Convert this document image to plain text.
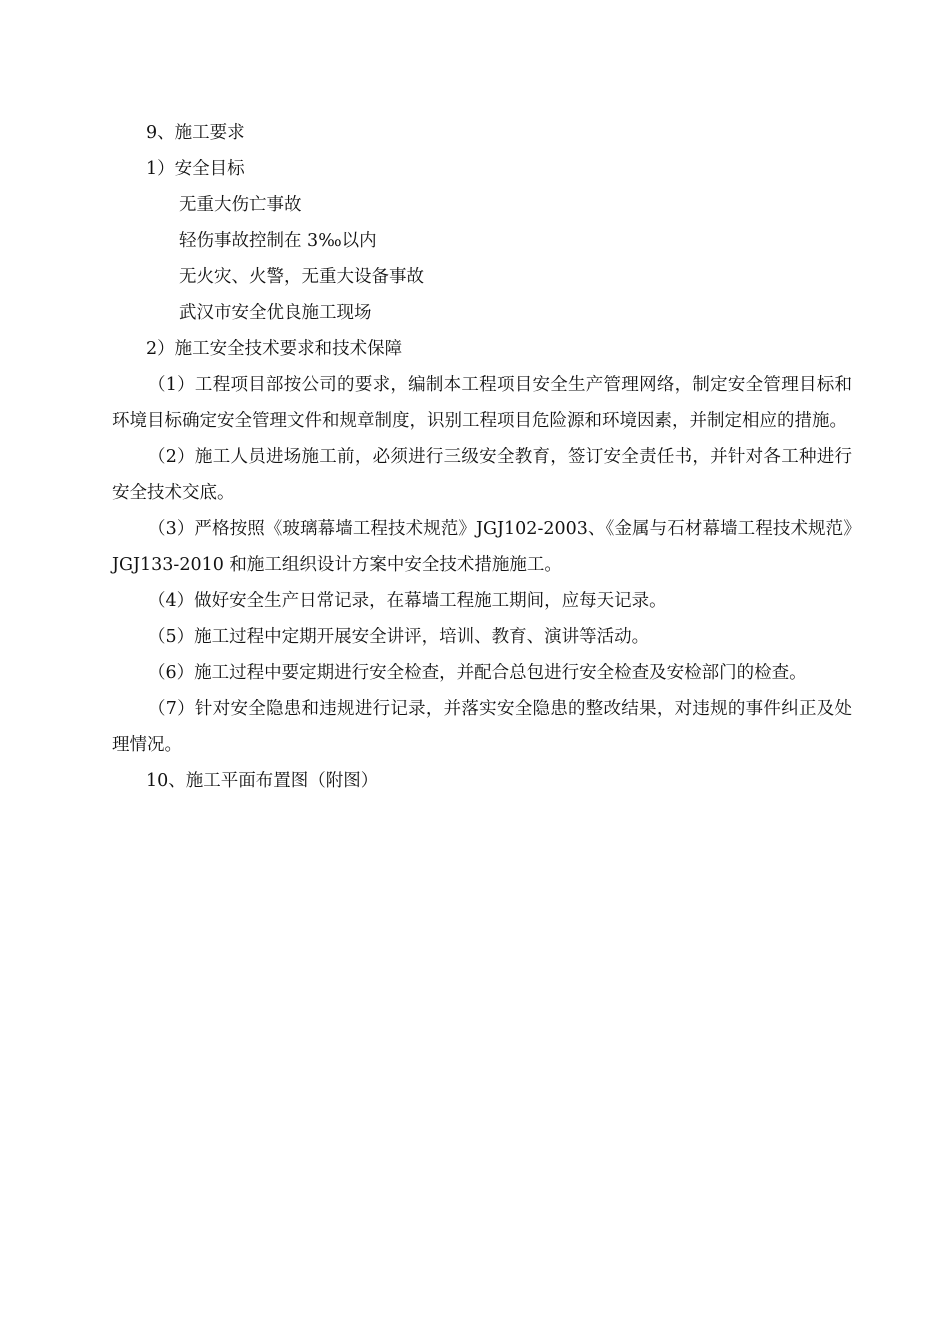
9、施工要求

1）安全目标

无重大伤亡事故

轻伤事故控制在 3‰以内

无火灾、火警，无重大设备事故

武汉市安全优良施工现场

2）施工安全技术要求和技术保障

（1）工程项目部按公司的要求，编制本工程项目安全生产管理网络，制定安全管理目标和环境目标确定安全管理文件和规章制度，识别工程项目危险源和环境因素，并制定相应的措施。

（2）施工人员进场施工前，必须进行三级安全教育，签订安全责任书，并针对各工种进行安全技术交底。

（3）严格按照《玻璃幕墙工程技术规范》JGJ102-2003、《金属与石材幕墙工程技术规范》JGJ133-2010 和施工组织设计方案中安全技术措施施工。

（4）做好安全生产日常记录，在幕墙工程施工期间，应每天记录。

（5）施工过程中定期开展安全讲评，培训、教育、演讲等活动。

（6）施工过程中要定期进行安全检查，并配合总包进行安全检查及安检部门的检查。

（7）针对安全隐患和违规进行记录，并落实安全隐患的整改结果，对违规的事件纠正及处理情况。

10、施工平面布置图（附图）
